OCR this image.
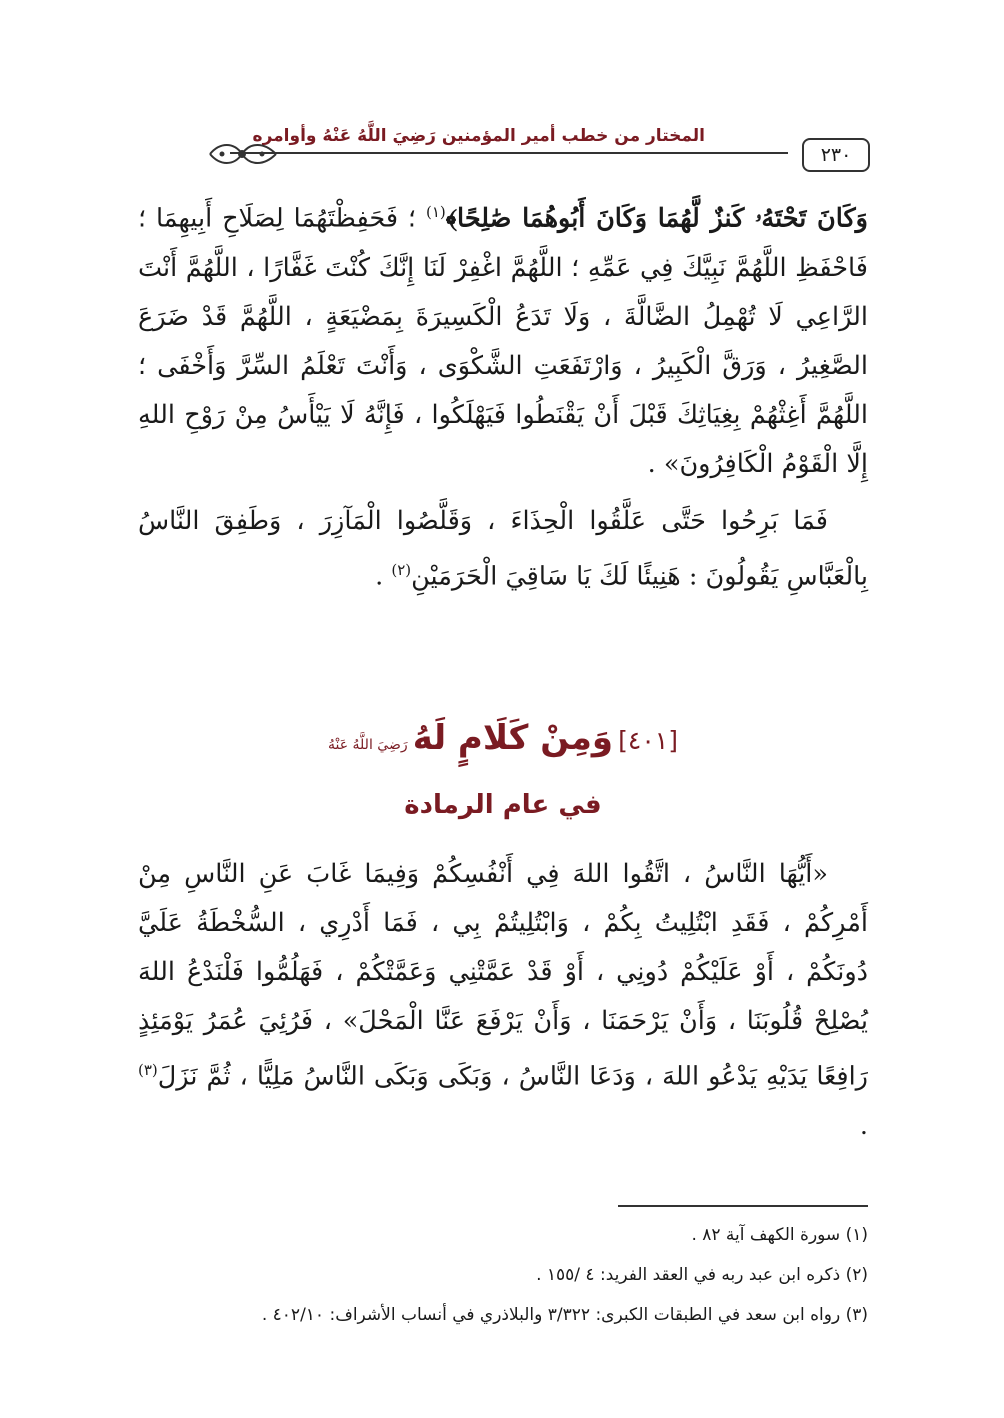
٢٣٠
المختار من خطب أمير المؤمنين رَضِيَ اللَّهُ عَنْهُ وأوامره

وَكَانَ تَحْتَهُۥ كَنزٌ لَّهُمَا وَكَانَ أَبُوهُمَا صَٰلِحًا﴾$^{(١)}$ ؛ فَحَفِظْتَهُمَا لِصَلَاحِ أَبِيهِمَا ؛ فَاحْفَظِ اللَّهُمَّ نَبِيَّكَ فِي عَمِّهِ ؛ اللَّهُمَّ اغْفِرْ لَنَا إِنَّكَ كُنْتَ غَفَّارًا ، اللَّهُمَّ أَنْتَ الرَّاعِي لَا تُهْمِلُ الضَّالَّةَ ، وَلَا تَدَعُ الْكَسِيرَةَ بِمَضْيَعَةٍ ، اللَّهُمَّ قَدْ ضَرَعَ الصَّغِيرُ ، وَرَقَّ الْكَبِيرُ ، وَارْتَفَعَتِ الشَّكْوَى ، وَأَنْتَ تَعْلَمُ السِّرَّ وَأَخْفَى ؛ اللَّهُمَّ أَغِثْهُمْ بِغِيَاثِكَ قَبْلَ أَنْ يَقْنَطُوا فَيَهْلَكُوا ، فَإِنَّهُ لَا يَيْأَسُ مِنْ رَوْحِ اللهِ إِلَّا الْقَوْمُ الْكَافِرُونَ» .

فَمَا بَرِحُوا حَتَّى عَلَّقُوا الْحِذَاءَ ، وَقَلَّصُوا الْمَآزِرَ ، وَطَفِقَ النَّاسُ بِالْعَبَّاسِ يَقُولُونَ : هَنِيئًا لَكَ يَا سَاقِيَ الْحَرَمَيْنِ$^{(٢)}$ .

[٤٠١] وَمِنْ كَلَامٍ لَهُ رَضِيَ اللَّهُ عَنْهُ
في عام الرمادة

«أَيُّهَا النَّاسُ ، اتَّقُوا اللهَ فِي أَنْفُسِكُمْ وَفِيمَا غَابَ عَنِ النَّاسِ مِنْ أَمْرِكُمْ ، فَقَدِ ابْتُلِيتُ بِكُمْ ، وَابْتُلِيتُمْ بِي ، فَمَا أَدْرِي ، السُّخْطَةُ عَلَيَّ دُونَكُمْ ، أَوْ عَلَيْكُمْ دُونِي ، أَوْ قَدْ عَمَّتْنِي وَعَمَّتْكُمْ ، فَهَلُمُّوا فَلْنَدْعُ اللهَ يُصْلِحْ قُلُوبَنَا ، وَأَنْ يَرْحَمَنَا ، وَأَنْ يَرْفَعَ عَنَّا الْمَحْلَ» ، فَرُئِيَ عُمَرُ يَوْمَئِذٍ رَافِعًا يَدَيْهِ يَدْعُو اللهَ ، وَدَعَا النَّاسُ ، وَبَكَى وَبَكَى النَّاسُ مَلِيًّا ، ثُمَّ نَزَلَ$^{(٣)}$ .

(١) سورة الكهف آية ٨٢ .

(٢) ذكره ابن عبد ربه في العقد الفريد: ٤ /١٥٥ .

(٣) رواه ابن سعد في الطبقات الكبرى: ٣/٣٢٢ والبلاذري في أنساب الأشراف: ٤٠٢/١٠ .
